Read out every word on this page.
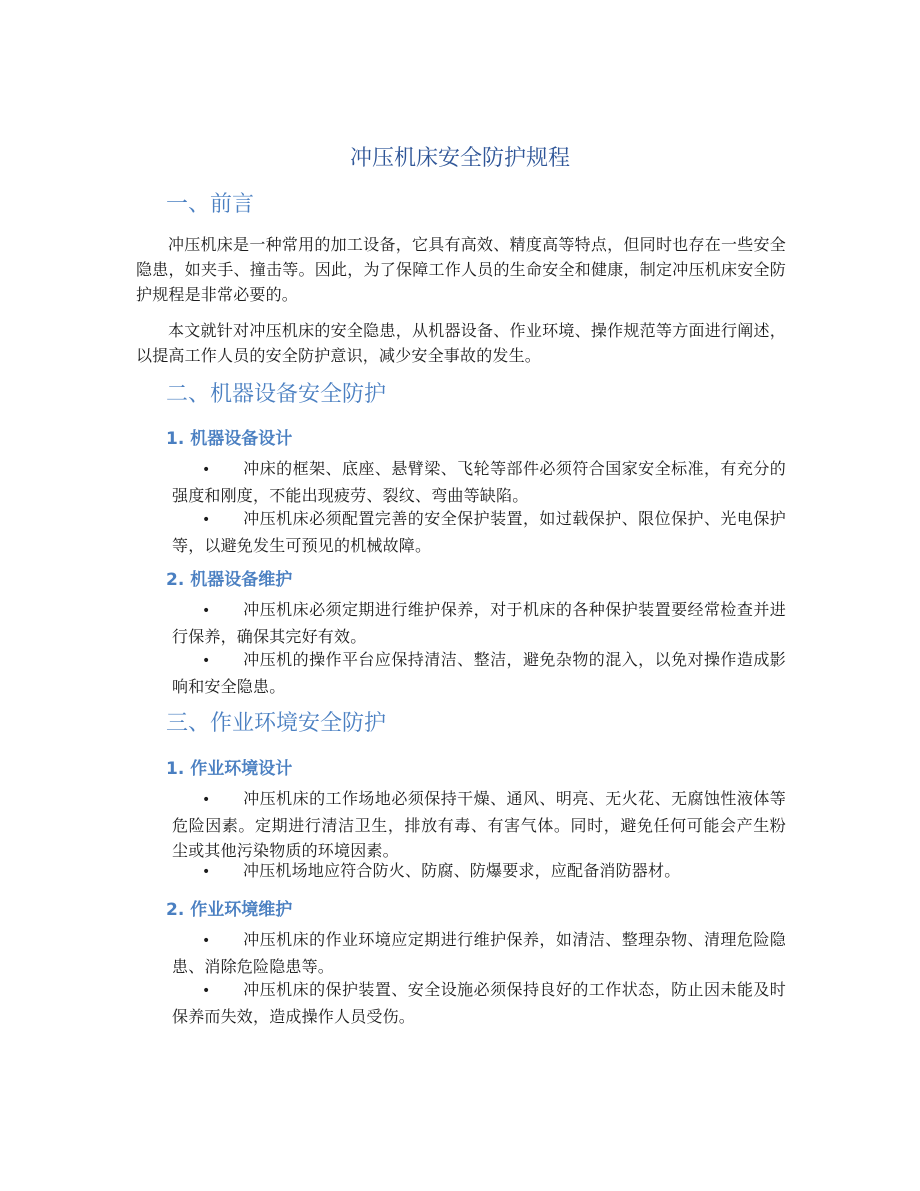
冲压机床安全防护规程
一、前言

冲压机床是一种常用的加工设备，它具有高效、精度高等特点，但同时也存在一些安全隐患，如夹手、撞击等。因此，为了保障工作人员的生命安全和健康，制定冲压机床安全防护规程是非常必要的。

本文就针对冲压机床的安全隐患，从机器设备、作业环境、操作规范等方面进行阐述，以提高工作人员的安全防护意识，减少安全事故的发生。

二、机器设备安全防护
1. 机器设备设计

• 冲床的框架、底座、悬臂梁、飞轮等部件必须符合国家安全标准，有充分的强度和刚度，不能出现疲劳、裂纹、弯曲等缺陷。

• 冲压机床必须配置完善的安全保护装置，如过载保护、限位保护、光电保护等，以避免发生可预见的机械故障。

2. 机器设备维护

• 冲压机床必须定期进行维护保养，对于机床的各种保护装置要经常检查并进行保养，确保其完好有效。

• 冲压机的操作平台应保持清洁、整洁，避免杂物的混入，以免对操作造成影响和安全隐患。

三、作业环境安全防护
1. 作业环境设计

• 冲压机床的工作场地必须保持干燥、通风、明亮、无火花、无腐蚀性液体等危险因素。定期进行清洁卫生，排放有毒、有害气体。同时，避免任何可能会产生粉尘或其他污染物质的环境因素。

• 冲压机场地应符合防火、防腐、防爆要求，应配备消防器材。

2. 作业环境维护

• 冲压机床的作业环境应定期进行维护保养，如清洁、整理杂物、清理危险隐患、消除危险隐患等。

• 冲压机床的保护装置、安全设施必须保持良好的工作状态，防止因未能及时保养而失效，造成操作人员受伤。
